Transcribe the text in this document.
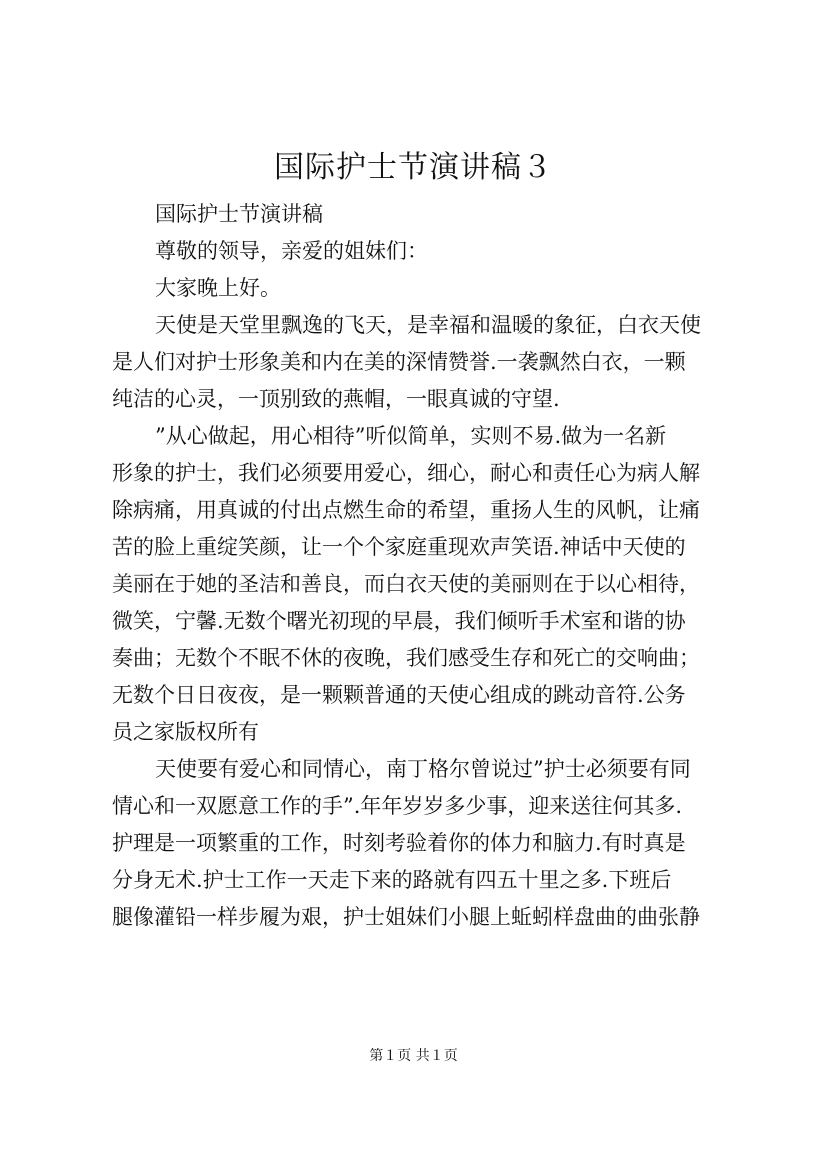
国际护士节演讲稿３

国际护士节演讲稿

尊敬的领导，亲爱的姐妹们：

大家晚上好。

天使是天堂里飘逸的飞天，是幸福和温暖的象征，白衣天使

是人们对护士形象美和内在美的深情赞誉.一袭飘然白衣，一颗

纯洁的心灵，一顶别致的燕帽，一眼真诚的守望.

”从心做起，用心相待”听似简单，实则不易.做为一名新

形象的护士，我们必须要用爱心，细心，耐心和责任心为病人解

除病痛，用真诚的付出点燃生命的希望，重扬人生的风帆，让痛

苦的脸上重绽笑颜，让一个个家庭重现欢声笑语.神话中天使的

美丽在于她的圣洁和善良，而白衣天使的美丽则在于以心相待，

微笑，宁馨.无数个曙光初现的早晨，我们倾听手术室和谐的协

奏曲；无数个不眠不休的夜晚，我们感受生存和死亡的交响曲；

无数个日日夜夜，是一颗颗普通的天使心组成的跳动音符.公务

员之家版权所有

天使要有爱心和同情心，南丁格尔曾说过”护士必须要有同

情心和一双愿意工作的手”.年年岁岁多少事，迎来送往何其多.

护理是一项繁重的工作，时刻考验着你的体力和脑力.有时真是

分身无术.护士工作一天走下来的路就有四五十里之多.下班后

腿像灌铅一样步履为艰，护士姐妹们小腿上蚯蚓样盘曲的曲张静

第１页 共１页
